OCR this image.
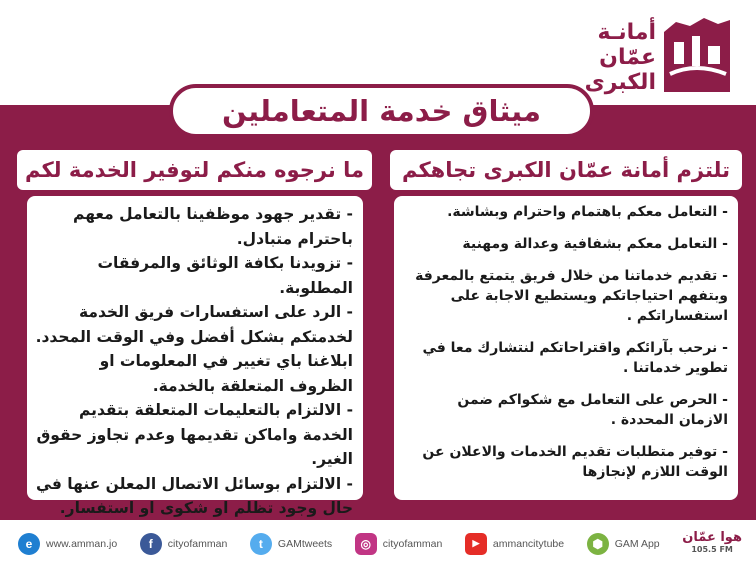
أمانـة
عمّان
الكبرى
ميثاق خدمة المتعاملين
تلتزم أمانة عمّان الكبرى تجاهكم
ما نرجوه منكم لتوفير الخدمة لكم

- التعامل معكم باهتمام واحترام وبشاشة.

- التعامل معكم بشفافية وعدالة ومهنية

- تقديم خدماتنا من خلال فريق يتمتع بالمعرفة وبتفهم احتياجاتكم ويستطيع الاجابة على استفساراتكم .

- نرحب بآرائكم واقتراحاتكم لنتشارك معا في تطوير خدماتنا .

- الحرص على التعامل مع شكواكم ضمن الازمان المحددة .

- توفير متطلبات تقديم الخدمات والاعلان عن الوقت اللازم لإنجازها

- تقدير جهود موظفينا بالتعامل معهم باحترام متبادل.

- تزويدنا بكافة الوثائق والمرفقات المطلوبة.

- الرد على استفسارات فريق الخدمة لخدمتكم بشكل أفضل وفي الوقت المحدد.

ابلاغنا باي تغيير في المعلومات او الظروف المتعلقة بالخدمة.

- الالتزام بالتعليمات المتعلقة بتقديم الخدمة واماكن تقديمها وعدم تجاوز حقوق الغير.

- الالتزام بوسائل الاتصال المعلن عنها في حال وجود تظلم او شكوى او استفسار.

e	www.amman.jo	f	cityofamman	t	GAMtweets	◎	cityofamman	▶	ammancitytube	⬢	GAM App هوا عمّان
105.5 FM
